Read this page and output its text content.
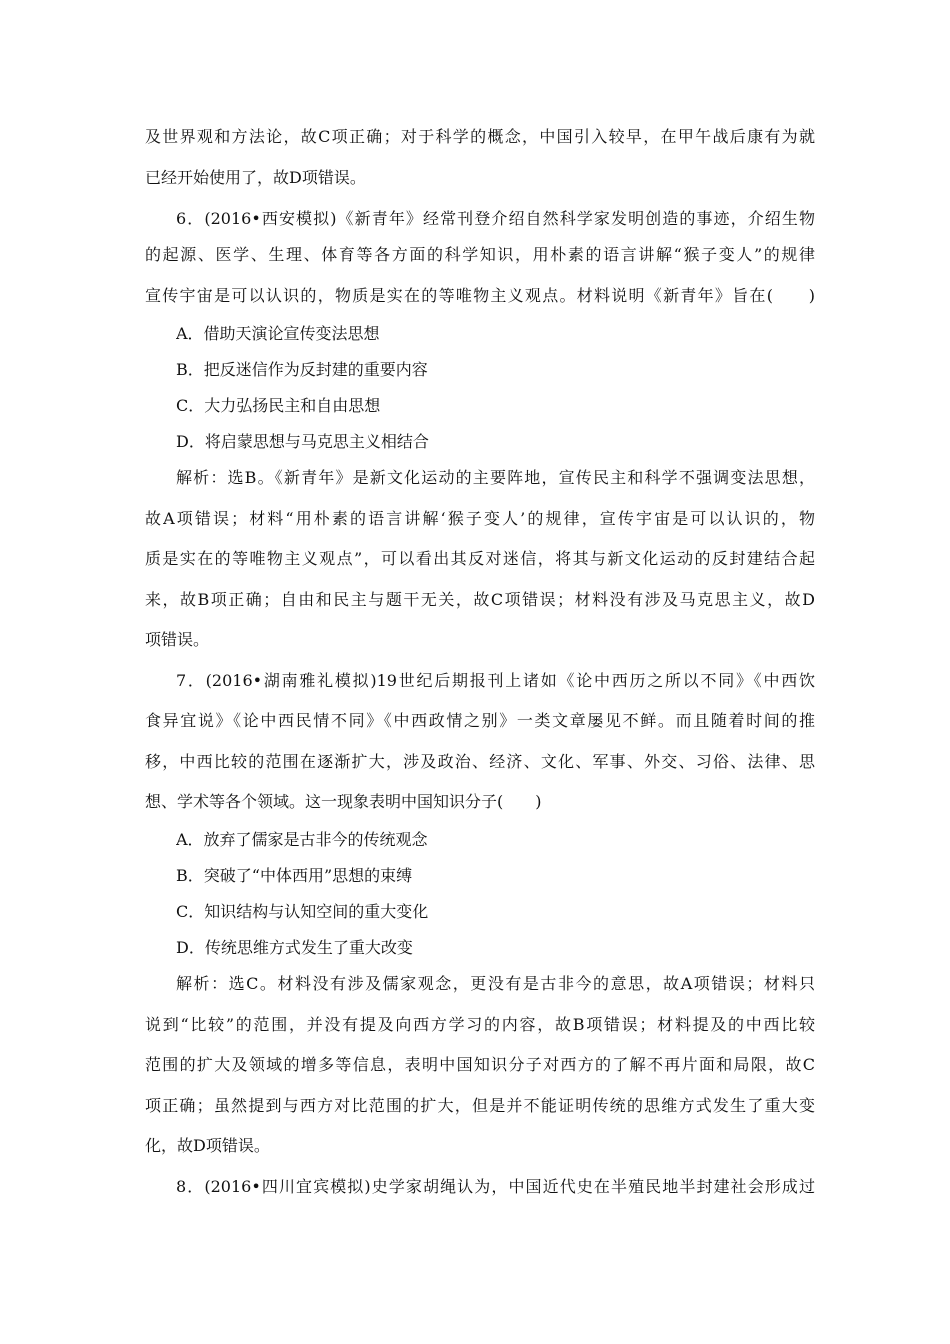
及世界观和方法论，故C项正确；对于科学的概念，中国引入较早，在甲午战后康有为就
已经开始使用了，故D项错误。
6．(2016•西安模拟)《新青年》经常刊登介绍自然科学家发明创造的事迹，介绍生物
的起源、医学、生理、体育等各方面的科学知识，用朴素的语言讲解“猴子变人”的规律
宣传宇宙是可以认识的，物质是实在的等唯物主义观点。材料说明《新青年》旨在(　　)
A．借助天演论宣传变法思想
B．把反迷信作为反封建的重要内容
C．大力弘扬民主和自由思想
D．将启蒙思想与马克思主义相结合
解析：选B。《新青年》是新文化运动的主要阵地，宣传民主和科学不强调变法思想，
故A项错误；材料“用朴素的语言讲解‘猴子变人’的规律，宣传宇宙是可以认识的，物
质是实在的等唯物主义观点”，可以看出其反对迷信，将其与新文化运动的反封建结合起
来，故B项正确；自由和民主与题干无关，故C项错误；材料没有涉及马克思主义，故D
项错误。
7．(2016•湖南雅礼模拟)19世纪后期报刊上诸如《论中西历之所以不同》《中西饮
食异宜说》《论中西民情不同》《中西政情之别》一类文章屡见不鲜。而且随着时间的推
移，中西比较的范围在逐渐扩大，涉及政治、经济、文化、军事、外交、习俗、法律、思
想、学术等各个领域。这一现象表明中国知识分子(　　)
A．放弃了儒家是古非今的传统观念
B．突破了“中体西用”思想的束缚
C．知识结构与认知空间的重大变化
D．传统思维方式发生了重大改变
解析：选C。材料没有涉及儒家观念，更没有是古非今的意思，故A项错误；材料只
说到“比较”的范围，并没有提及向西方学习的内容，故B项错误；材料提及的中西比较
范围的扩大及领域的增多等信息，表明中国知识分子对西方的了解不再片面和局限，故C
项正确；虽然提到与西方对比范围的扩大，但是并不能证明传统的思维方式发生了重大变
化，故D项错误。
8．(2016•四川宜宾模拟)史学家胡绳认为，中国近代史在半殖民地半封建社会形成过
